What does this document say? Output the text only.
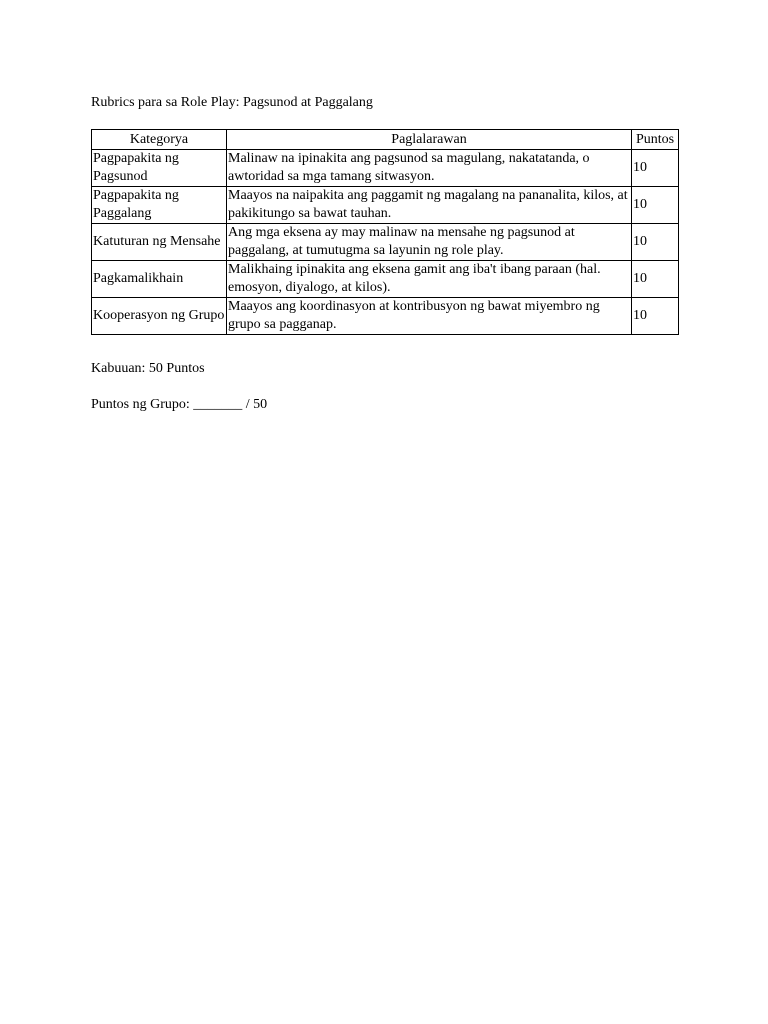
Rubrics para sa Role Play: Pagsunod at Paggalang
Kategorya	Paglalarawan	Puntos
Pagpapakita ng Pagsunod	Malinaw na ipinakita ang pagsunod sa magulang, nakatatanda, o awtoridad sa mga tamang sitwasyon.	10
Pagpapakita ng Paggalang	Maayos na naipakita ang paggamit ng magalang na pananalita, kilos, at pakikitungo sa bawat tauhan.	10
Katuturan ng Mensahe	Ang mga eksena ay may malinaw na mensahe ng pagsunod at paggalang, at tumutugma sa layunin ng role play.	10
Pagkamalikhain	Malikhaing ipinakita ang eksena gamit ang iba't ibang paraan (hal. emosyon, diyalogo, at kilos).	10
Kooperasyon ng Grupo	Maayos ang koordinasyon at kontribusyon ng bawat miyembro ng grupo sa pagganap.	10
Kabuuan: 50 Puntos
Puntos ng Grupo: _______ / 50
